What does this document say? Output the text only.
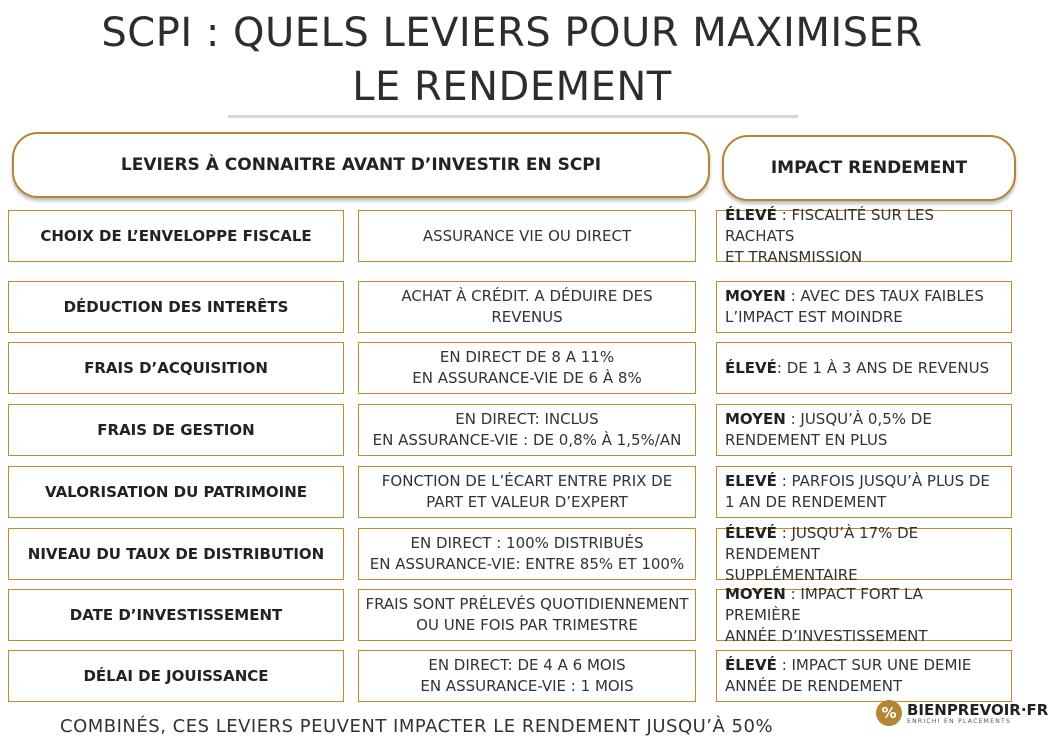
SCPI : QUELS LEVIERS POUR MAXIMISER
LE RENDEMENT
LEVIERS À CONNAITRE AVANT D’INVESTIR EN SCPI	IMPACT RENDEMENT
CHOIX DE L’ENVELOPPE FISCALE	ASSURANCE VIE OU DIRECT
ÉLEVÉ : FISCALITÉ SUR LES RACHATS
ET TRANSMISSION
DÉDUCTION DES INTERÊTS
ACHAT À CRÉDIT. A DÉDUIRE DES REVENUS
MOYEN : AVEC DES TAUX FAIBLES
L’IMPACT EST MOINDRE
FRAIS D’ACQUISITION
EN DIRECT DE 8 A 11%
EN ASSURANCE-VIE DE 6 À 8%
ÉLEVÉ: DE 1 À 3 ANS DE REVENUS
FRAIS DE GESTION
EN DIRECT: INCLUS
EN ASSURANCE-VIE : DE 0,8% À 1,5%/AN
MOYEN : JUSQU’À 0,5% DE
RENDEMENT EN PLUS
VALORISATION DU PATRIMOINE
FONCTION DE L’ÉCART ENTRE PRIX DE
PART ET VALEUR D’EXPERT
ELEVÉ : PARFOIS JUSQU’À PLUS DE
1 AN DE RENDEMENT
NIVEAU DU TAUX DE DISTRIBUTION
EN DIRECT : 100% DISTRIBUÉS
EN ASSURANCE-VIE: ENTRE 85% ET 100%
ÉLEVÉ : JUSQU’À 17% DE RENDEMENT
SUPPLÉMENTAIRE
DATE D’INVESTISSEMENT
FRAIS SONT PRÉLEVÉS QUOTIDIENNEMENT
OU UNE FOIS PAR TRIMESTRE
MOYEN : IMPACT FORT LA PREMIÈRE
ANNÉE D’INVESTISSEMENT
DÉLAI DE JOUISSANCE
EN DIRECT: DE 4 A 6 MOIS
EN ASSURANCE-VIE : 1 MOIS
ÉLEVÉ : IMPACT SUR UNE DEMIE
ANNÉE DE RENDEMENT
COMBINÉS, CES LEVIERS PEUVENT IMPACTER LE RENDEMENT JUSQU’À 50%
% BIENPREVOIR·FR
ENRICHI EN PLACEMENTS
